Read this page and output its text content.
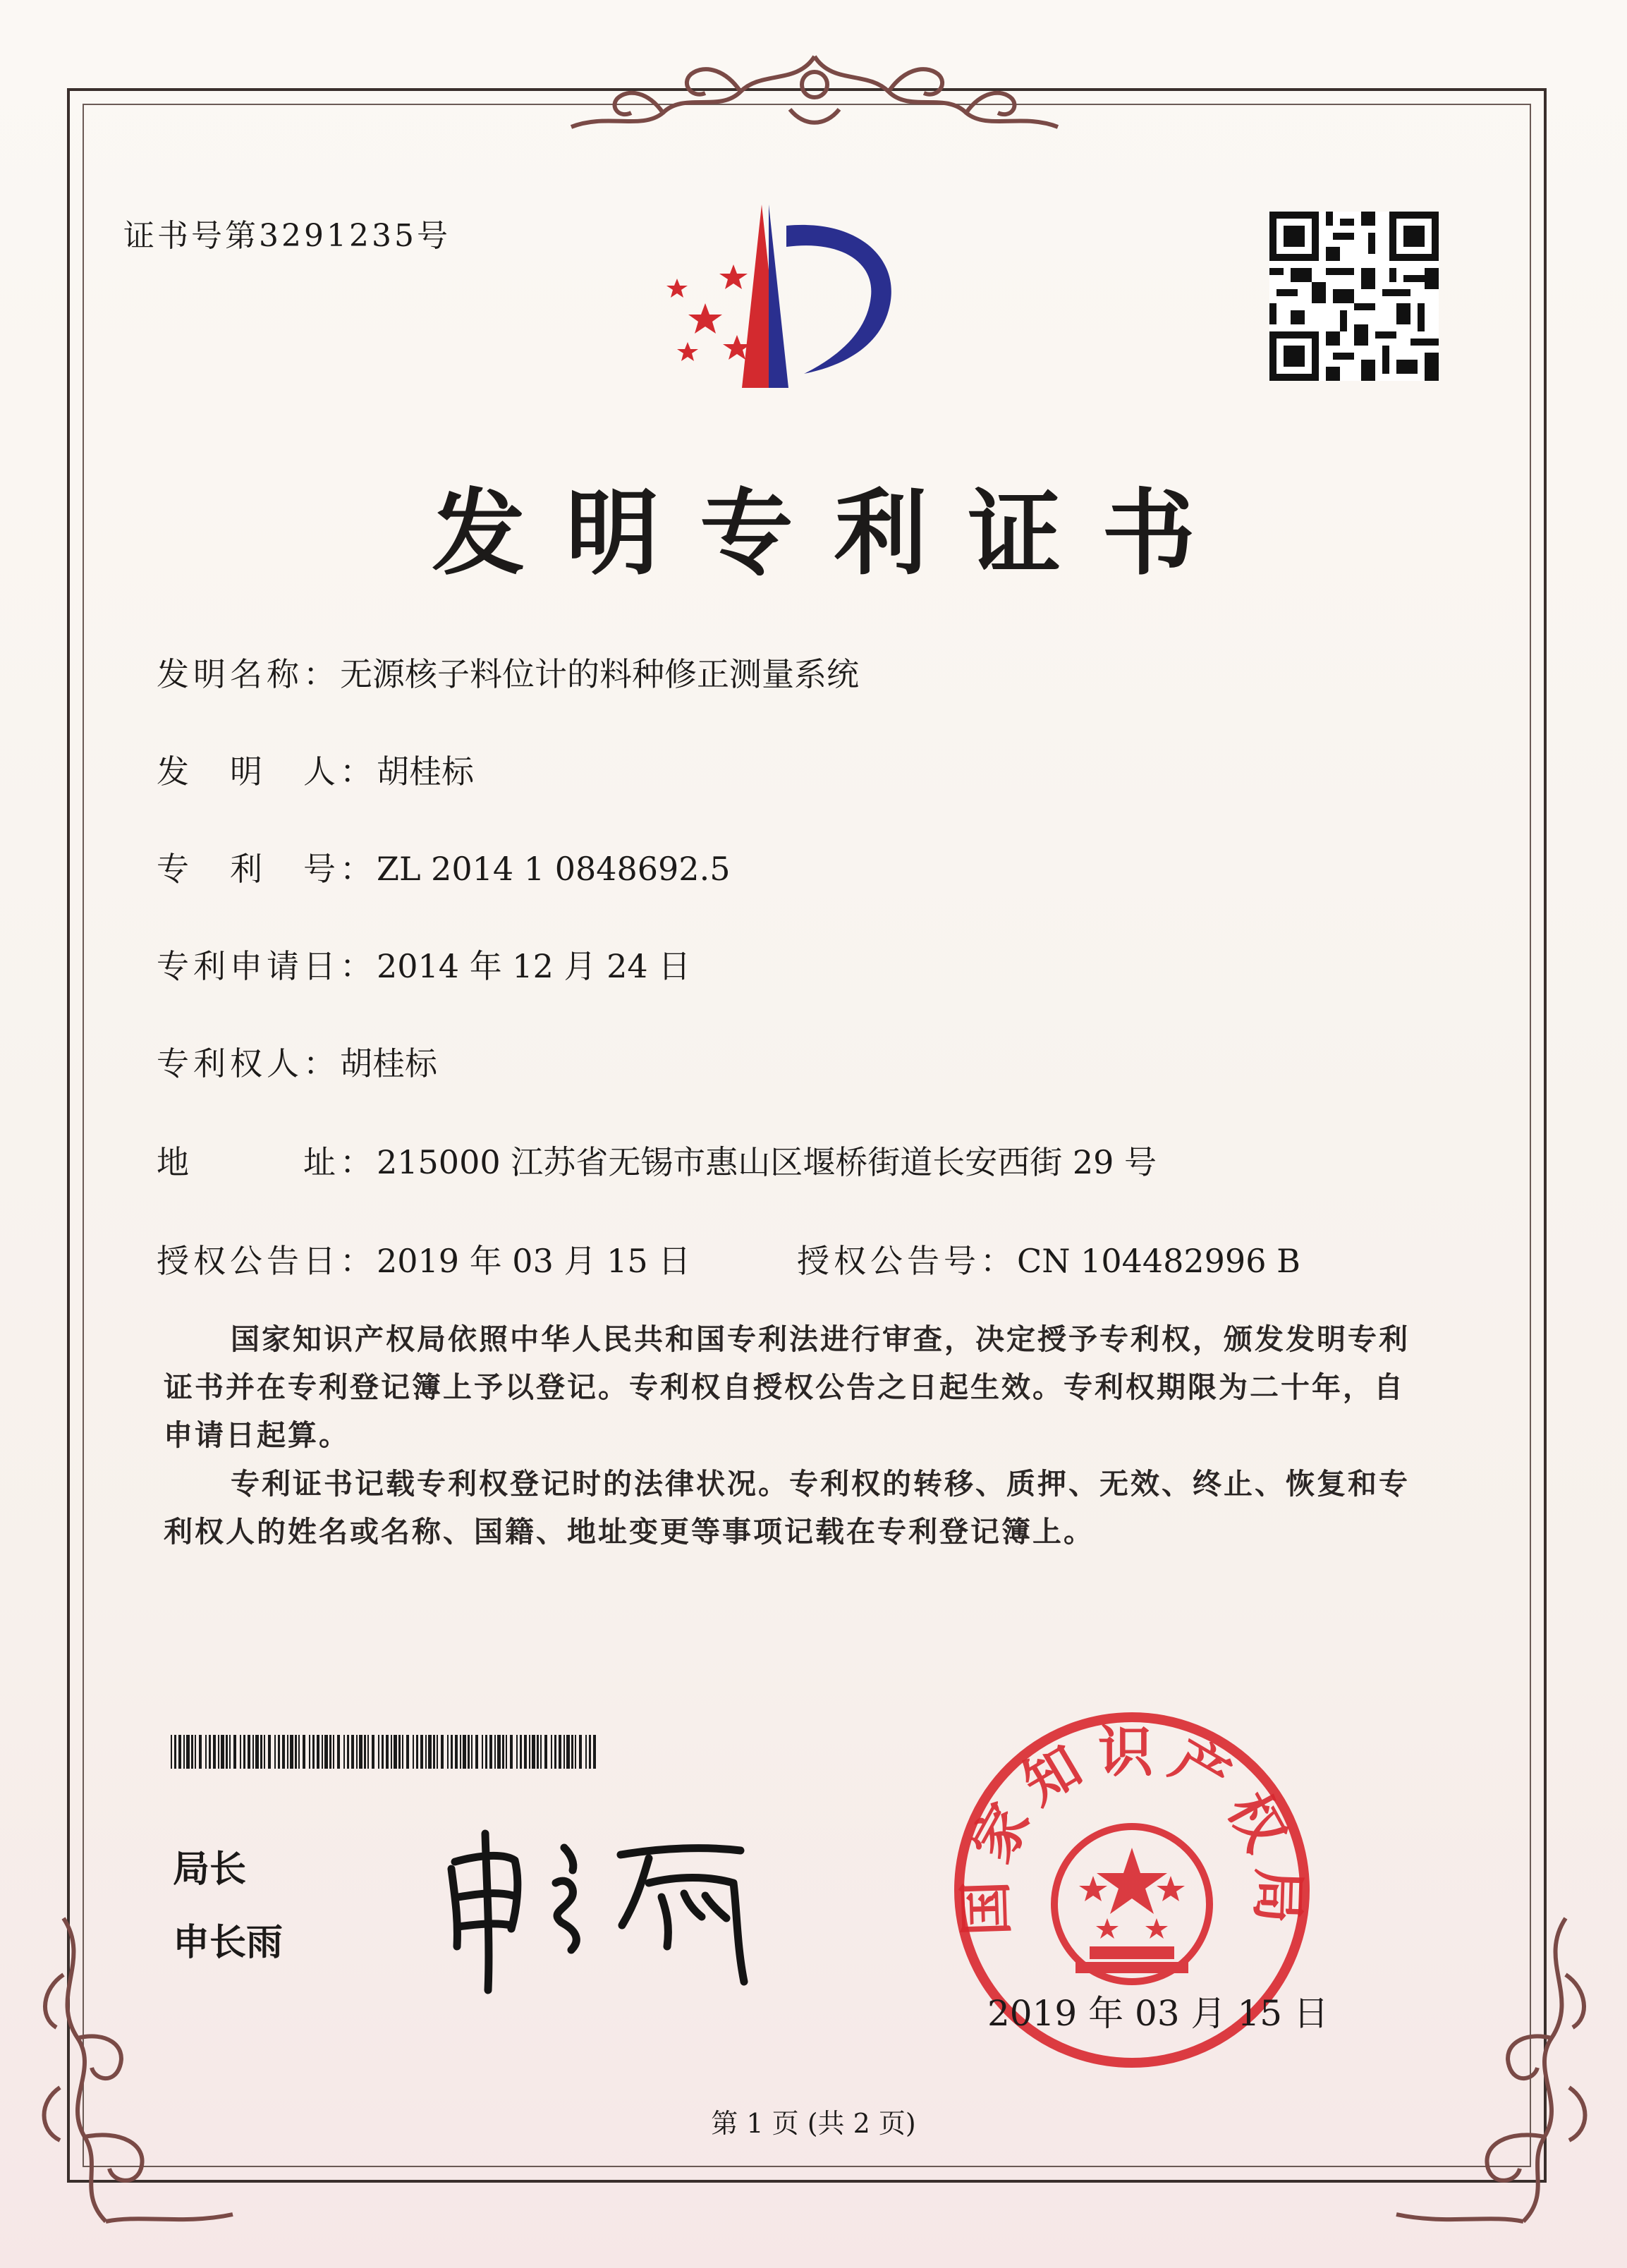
证书号第3291235号
发明专利证书
发明名称：无源核子料位计的料种修正测量系统
发　明　人：胡桂标
专　利　号：ZL 2014 1 0848692.5
专利申请日：2014 年 12 月 24 日
专利权人：胡桂标
地　　　址：215000 江苏省无锡市惠山区堰桥街道长安西街 29 号
授权公告日：2019 年 03 月 15 日	授权公告号：CN 104482996 B
国家知识产权局依照中华人民共和国专利法进行审查，决定授予专利权，颁发发明专利证书并在专利登记簿上予以登记。专利权自授权公告之日起生效。专利权期限为二十年，自申请日起算。
专利证书记载专利权登记时的法律状况。专利权的转移、质押、无效、终止、恢复和专利权人的姓名或名称、国籍、地址变更等事项记载在专利登记簿上。
局长
申长雨
国家知识产权局
2019 年 03 月 15 日
第 1 页 (共 2 页)
